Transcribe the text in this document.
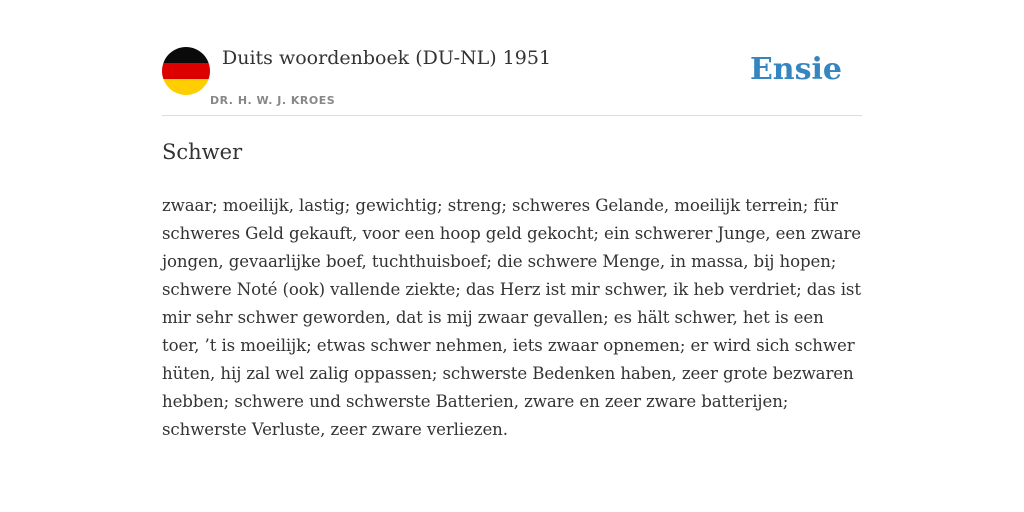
Duits woordenboek (DU-NL) 1951
DR. H. W. J. KROES
Ensie
Schwer

zwaar; moeilijk, lastig; gewichtig; streng; schweres Gelande, moeilijk terrein; für schweres Geld gekauft, voor een hoop geld gekocht; ein schwerer Junge, een zware jongen, gevaarlijke boef, tuchthuisboef; die schwere Menge, in massa, bij hopen; schwere Noté (ook) vallende ziekte; das Herz ist mir schwer, ik heb verdriet; das ist mir sehr schwer geworden, dat is mij zwaar gevallen; es hält schwer, het is een toer, ’t is moeilijk; etwas schwer nehmen, iets zwaar opnemen; er wird sich schwer hüten, hij zal wel zalig oppassen; schwerste Bedenken haben, zeer grote bezwaren hebben; schwere und schwerste Batterien, zware en zeer zware batterijen; schwerste Verluste, zeer zware verliezen.
